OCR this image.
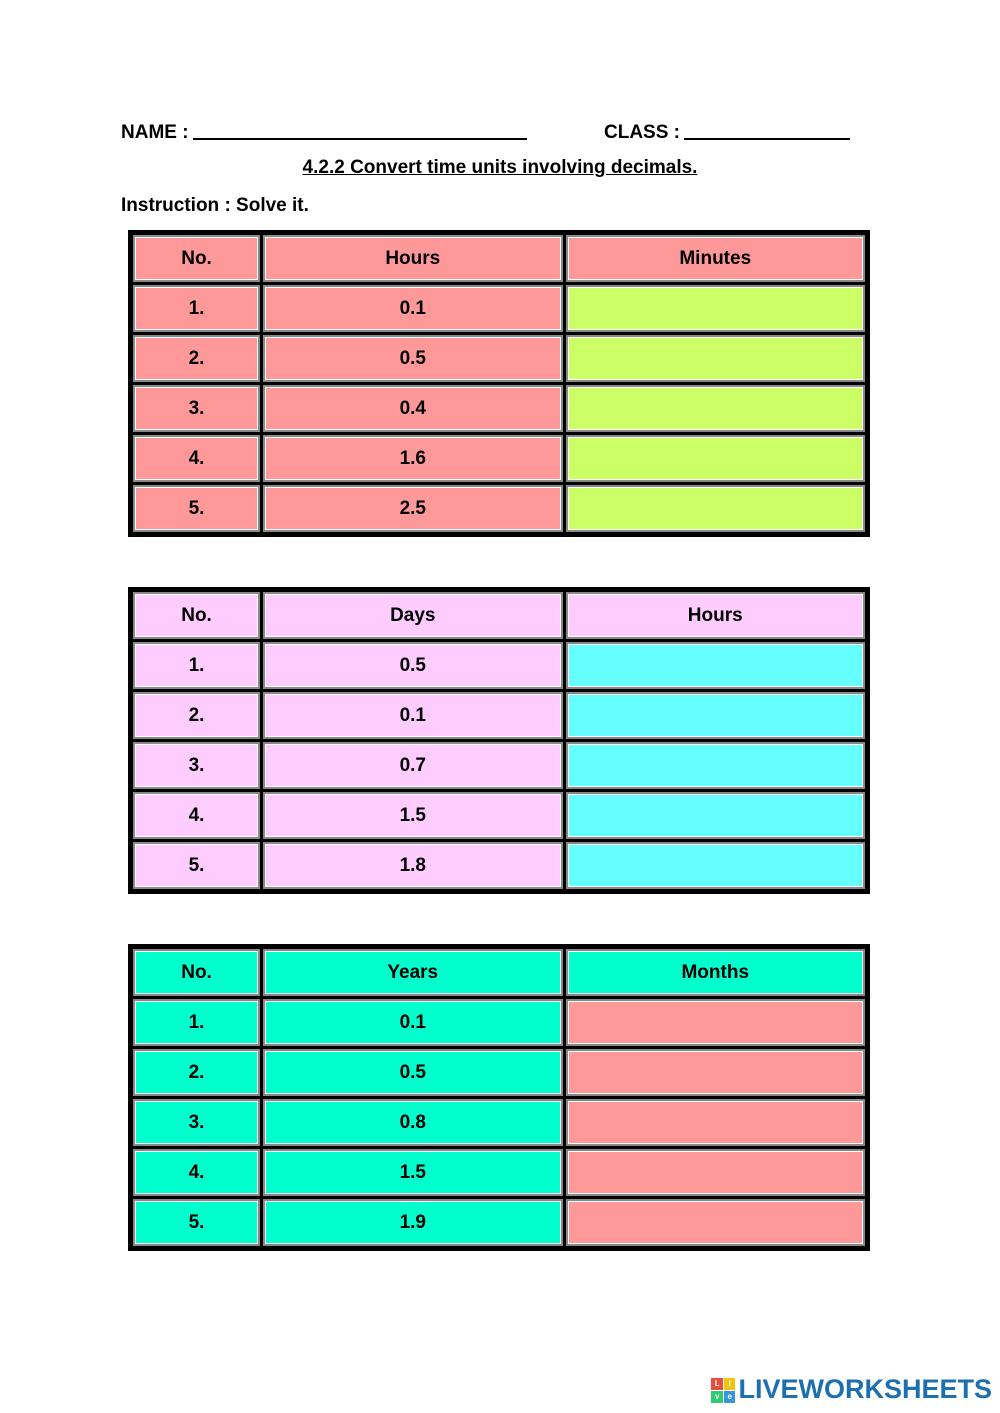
NAME :	CLASS :
4.2.2 Convert time units involving decimals.
Instruction : Solve it.
No.	Hours	Minutes
1.	0.1	
2.	0.5	
3.	0.4	
4.	1.6	
5.	2.5	
No.	Days	Hours
1.	0.5	
2.	0.1	
3.	0.7	
4.	1.5	
5.	1.8	
No.	Years	Months
1.	0.1	
2.	0.5	
3.	0.8	
4.	1.5	
5.	1.9	
L	i
v	e LIVEWORKSHEETS
